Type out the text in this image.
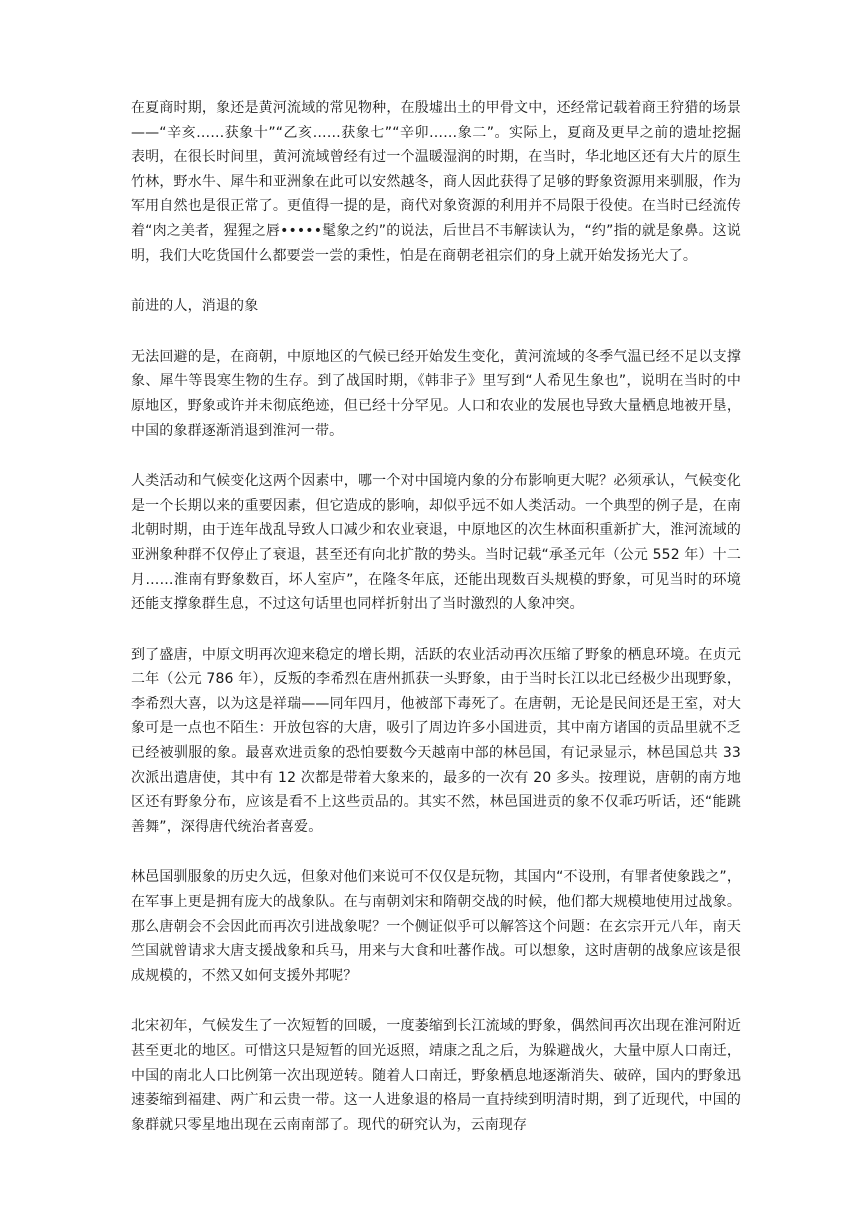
在夏商时期，象还是黄河流域的常见物种，在殷墟出土的甲骨文中，还经常记载着商王狩猎的场景——“辛亥……获象十”“乙亥……获象七”“辛卯……象二”。实际上，夏商及更早之前的遗址挖掘表明，在很长时间里，黄河流域曾经有过一个温暖湿润的时期，在当时，华北地区还有大片的原生竹林，野水牛、犀牛和亚洲象在此可以安然越冬，商人因此获得了足够的野象资源用来驯服，作为军用自然也是很正常了。更值得一提的是，商代对象资源的利用并不局限于役使。在当时已经流传着“肉之美者，猩猩之唇•••••髦象之约”的说法，后世吕不韦解读认为，“约”指的就是象鼻。这说明，我们大吃货国什么都要尝一尝的秉性，怕是在商朝老祖宗们的身上就开始发扬光大了。

前进的人，消退的象

无法回避的是，在商朝，中原地区的气候已经开始发生变化，黄河流域的冬季气温已经不足以支撑象、犀牛等畏寒生物的生存。到了战国时期，《韩非子》里写到“人希见生象也”，说明在当时的中原地区，野象或许并未彻底绝迹，但已经十分罕见。人口和农业的发展也导致大量栖息地被开垦，中国的象群逐渐消退到淮河一带。

人类活动和气候变化这两个因素中，哪一个对中国境内象的分布影响更大呢？必须承认，气候变化是一个长期以来的重要因素，但它造成的影响，却似乎远不如人类活动。一个典型的例子是，在南北朝时期，由于连年战乱导致人口减少和农业衰退，中原地区的次生林面积重新扩大，淮河流域的亚洲象种群不仅停止了衰退，甚至还有向北扩散的势头。当时记载“承圣元年（公元 552 年）十二月……淮南有野象数百，坏人室庐”，在隆冬年底，还能出现数百头规模的野象，可见当时的环境还能支撑象群生息，不过这句话里也同样折射出了当时激烈的人象冲突。

到了盛唐，中原文明再次迎来稳定的增长期，活跃的农业活动再次压缩了野象的栖息环境。在贞元二年（公元 786 年），反叛的李希烈在唐州抓获一头野象，由于当时长江以北已经极少出现野象，李希烈大喜，以为这是祥瑞——同年四月，他被部下毒死了。在唐朝，无论是民间还是王室，对大象可是一点也不陌生：开放包容的大唐，吸引了周边许多小国进贡，其中南方诸国的贡品里就不乏已经被驯服的象。最喜欢进贡象的恐怕要数今天越南中部的林邑国，有记录显示，林邑国总共 33 次派出遣唐使，其中有 12 次都是带着大象来的，最多的一次有 20 多头。按理说，唐朝的南方地区还有野象分布，应该是看不上这些贡品的。其实不然，林邑国进贡的象不仅乖巧听话，还“能跳善舞”，深得唐代统治者喜爱。

林邑国驯服象的历史久远，但象对他们来说可不仅仅是玩物，其国内“不设刑，有罪者使象践之”，在军事上更是拥有庞大的战象队。在与南朝刘宋和隋朝交战的时候，他们都大规模地使用过战象。那么唐朝会不会因此而再次引进战象呢？一个侧证似乎可以解答这个问题：在玄宗开元八年，南天竺国就曾请求大唐支援战象和兵马，用来与大食和吐蕃作战。可以想象，这时唐朝的战象应该是很成规模的，不然又如何支援外邦呢？

北宋初年，气候发生了一次短暂的回暖，一度萎缩到长江流域的野象，偶然间再次出现在淮河附近甚至更北的地区。可惜这只是短暂的回光返照，靖康之乱之后，为躲避战火，大量中原人口南迁，中国的南北人口比例第一次出现逆转。随着人口南迁，野象栖息地逐渐消失、破碎，国内的野象迅速萎缩到福建、两广和云贵一带。这一人进象退的格局一直持续到明清时期，到了近现代，中国的象群就只零星地出现在云南南部了。现代的研究认为，云南现存
